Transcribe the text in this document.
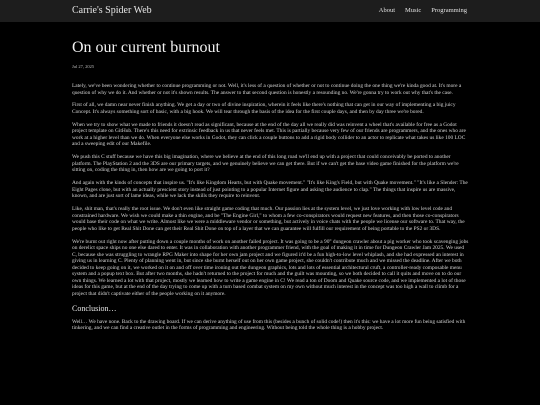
Carrie's Spider Web	About Music Programming
On our current burnout
Jul 27, 2025

Lately, we've been wondering whether to continue programming or not. Well, it's less of a question of whether or not to continue doing the one thing we're kinda good at. It's more a question of why we do it. And whether or not it's shown results. The answer to that second question is honestly a resounding no. We're gonna try to work out why that's the case.

First of all, we damn near never finish anything. We get a day or two of divine inspiration, wherein it feels like there's nothing that can get in our way of implementing a big juicy Concept. It's always something sort of basic, with a big hook. We will tear through the basis of the idea for the first couple days, and then by day three we're bored.

When we try to show what we made to friends it doesn't read as significant, because at the end of the day all we really did was reinvent a wheel that's available for free as a Godot project template on GitHub. There's this need for extrinsic feedback in us that never feels met. This is partially because very few of our friends are programmers, and the ones who are work at a higher level than we do. When everyone else works in Godot, they can click a couple buttons to add a rigid body collider to an actor to replicate what takes us like 100 LOC and a sweeping edit of our Makefile.

We push this C stuff because we have this big imagination, where we believe at the end of this long road we'll end up with a project that could conceivably be ported to another platform. The PlayStation 2 and the 3DS are our primary targets, and we genuinely believe we can get there. But if we can't get the base video game finished for the platform we're sitting on, coding the thing in, then how are we going to port it?

And again with the kinds of concepts that inspire us. "It's like Kingdom Hearts, but with Quake movement." "It's like King's Field, but with Quake movement." "It's like a Slender: The Eight Pages clone, but with an actually prescient story instead of just pointing to a popular Internet figure and asking the audience to clap." The things that inspire us are massive, known, and are just sort of lame ideas, while we lack the skills they require to reinvent.

Like, shit man, that's really the root issue. We don't even like straight game coding that much. Our passion lies at the system level, we just love working with low level code and constrained hardware. We wish we could make a thin engine, and be "The Engine Girl," to whom a few co-conspirators would request new features, and then those co-conspirators would base their code on what we write. Almost like we were a middleware vendor or something, but actively in voice chats with the people we license our software to. That way, the people who like to get Real Shit Done can get their Real Shit Done on top of a layer that we can guarantee will fulfill our requirement of being portable to the PS2 or 3DS.

We're burnt out right now after putting down a couple months of work on another failed project. It was going to be a 90° dungeon crawler about a pig worker who took scavenging jobs on derelict space ships no one else dared to enter. It was in collaboration with another programmer friend, with the goal of making it in time for Dungeon Crawler Jam 2025. We used C, because she was struggling to wrangle RPG Maker into shape for her own jam project and we figured it'd be a fun high-to-low level whiplash, and she had expressed an interest in giving us in learning C. Plenty of planning went in, but since she burnt herself out on her own game project, she couldn't contribute much and we missed the deadline. After we both decided to keep going on it, we worked on it on and off over time ironing out the dungeon graphics, lots and lots of essential architectural cruft, a controller-ready composable menu system and a popup text box. But after two months, she hadn't returned to the project for much and the guilt was mounting, so we both decided to call it quits and move on to do our own things. We learned a lot with that project, mostly we learned how to write a game engine in C! We read a ton of Doom and Quake source code, and we implemented a lot of those ideas for this game, but at the end of the day trying to come up with a turn based combat system on my own without much interest in the concept was too high a wall to climb for a project that didn't captivate either of the people working on it anymore.

Conclusion…

Well… We have none. Back to the drawing board. If we can derive anything of use from this (besides a bunch of solid code!) then it's this: we have a lot more fun being satisfied with tinkering, and we can find a creative outlet in the forms of programming and engineering. Without being told the whole thing is a hobby project.
